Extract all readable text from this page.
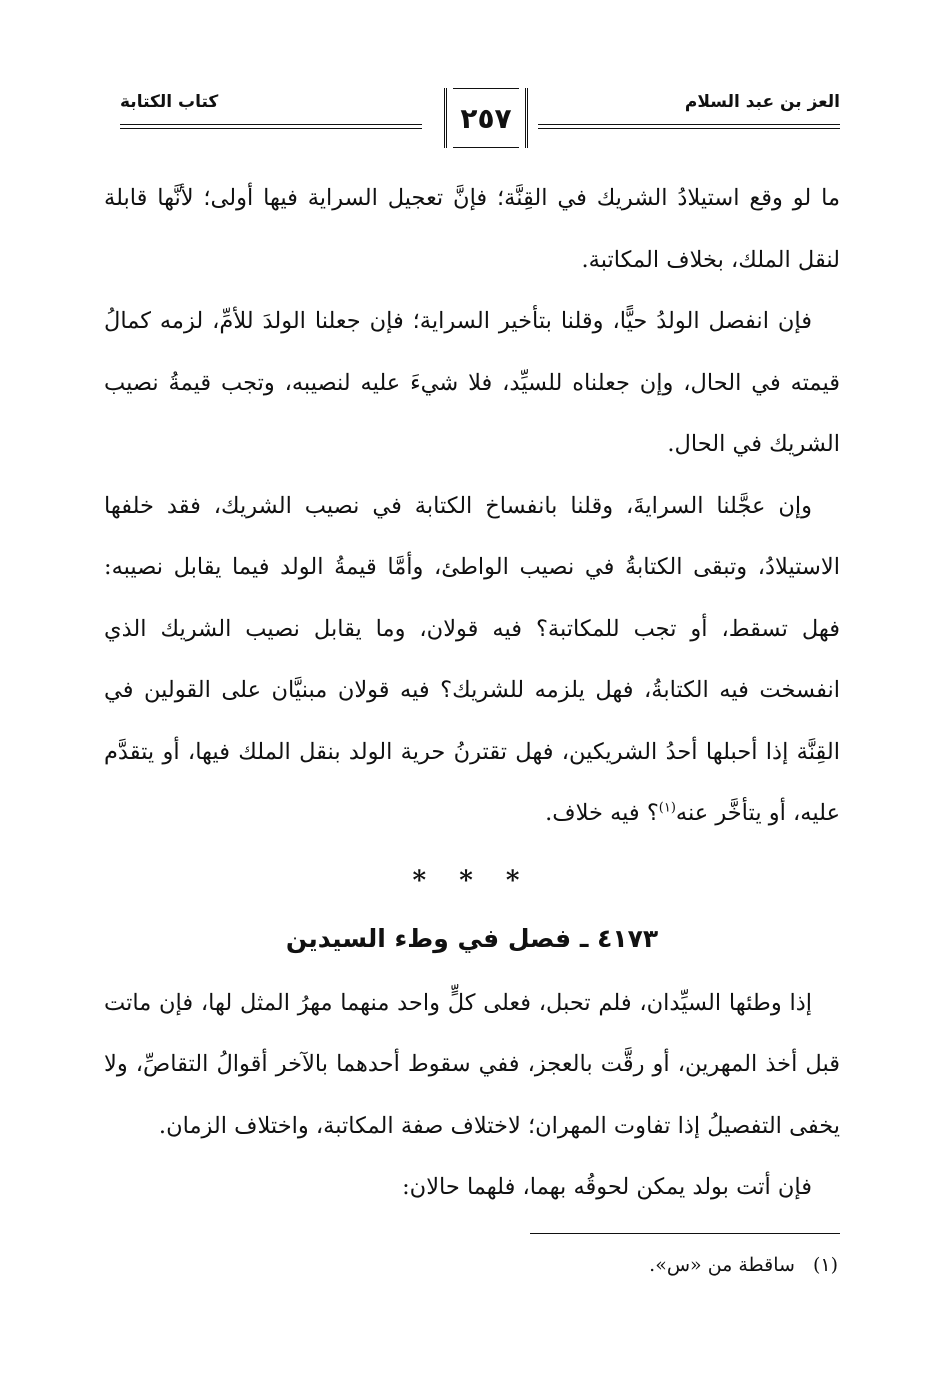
العز بن عبد السلام
٢٥٧
كتاب الكتابة

ما لو وقع استيلادُ الشريك في القِنَّة؛ فإنَّ تعجيل السراية فيها أولى؛ لأنَّها قابلة لنقل الملك، بخلاف المكاتبة.

فإن انفصل الولدُ حيًّا، وقلنا بتأخير السراية؛ فإن جعلنا الولدَ للأمِّ، لزمه كمالُ قيمته في الحال، وإن جعلناه للسيِّد، فلا شيءَ عليه لنصيبه، وتجب قيمةُ نصيب الشريك في الحال.

وإن عجَّلنا السرايةَ، وقلنا بانفساخ الكتابة في نصيب الشريك، فقد خلفها الاستيلادُ، وتبقى الكتابةُ في نصيب الواطئ، وأمَّا قيمةُ الولد فيما يقابل نصيبه: فهل تسقط، أو تجب للمكاتبة؟ فيه قولان، وما يقابل نصيب الشريك الذي انفسخت فيه الكتابةُ، فهل يلزمه للشريك؟ فيه قولان مبنيَّان على القولين في القِنَّة إذا أحبلها أحدُ الشريكين، فهل تقترنُ حرية الولد بنقل الملك فيها، أو يتقدَّم عليه، أو يتأخَّر عنه$^{(١)}$؟ فيه خلاف.

* * *
٤١٧٣ ـ فصل في وطء السيدين

إذا وطئها السيِّدان، فلم تحبل، فعلى كلٍّ واحد منهما مهرُ المثل لها، فإن ماتت قبل أخذ المهرين، أو رقَّت بالعجز، ففي سقوط أحدهما بالآخر أقوالُ التقاصِّ، ولا يخفى التفصيلُ إذا تفاوت المهران؛ لاختلاف صفة المكاتبة، واختلاف الزمان.

فإن أتت بولد يمكن لحوقُه بهما، فلهما حالان:

(١)ساقطة من «س».
